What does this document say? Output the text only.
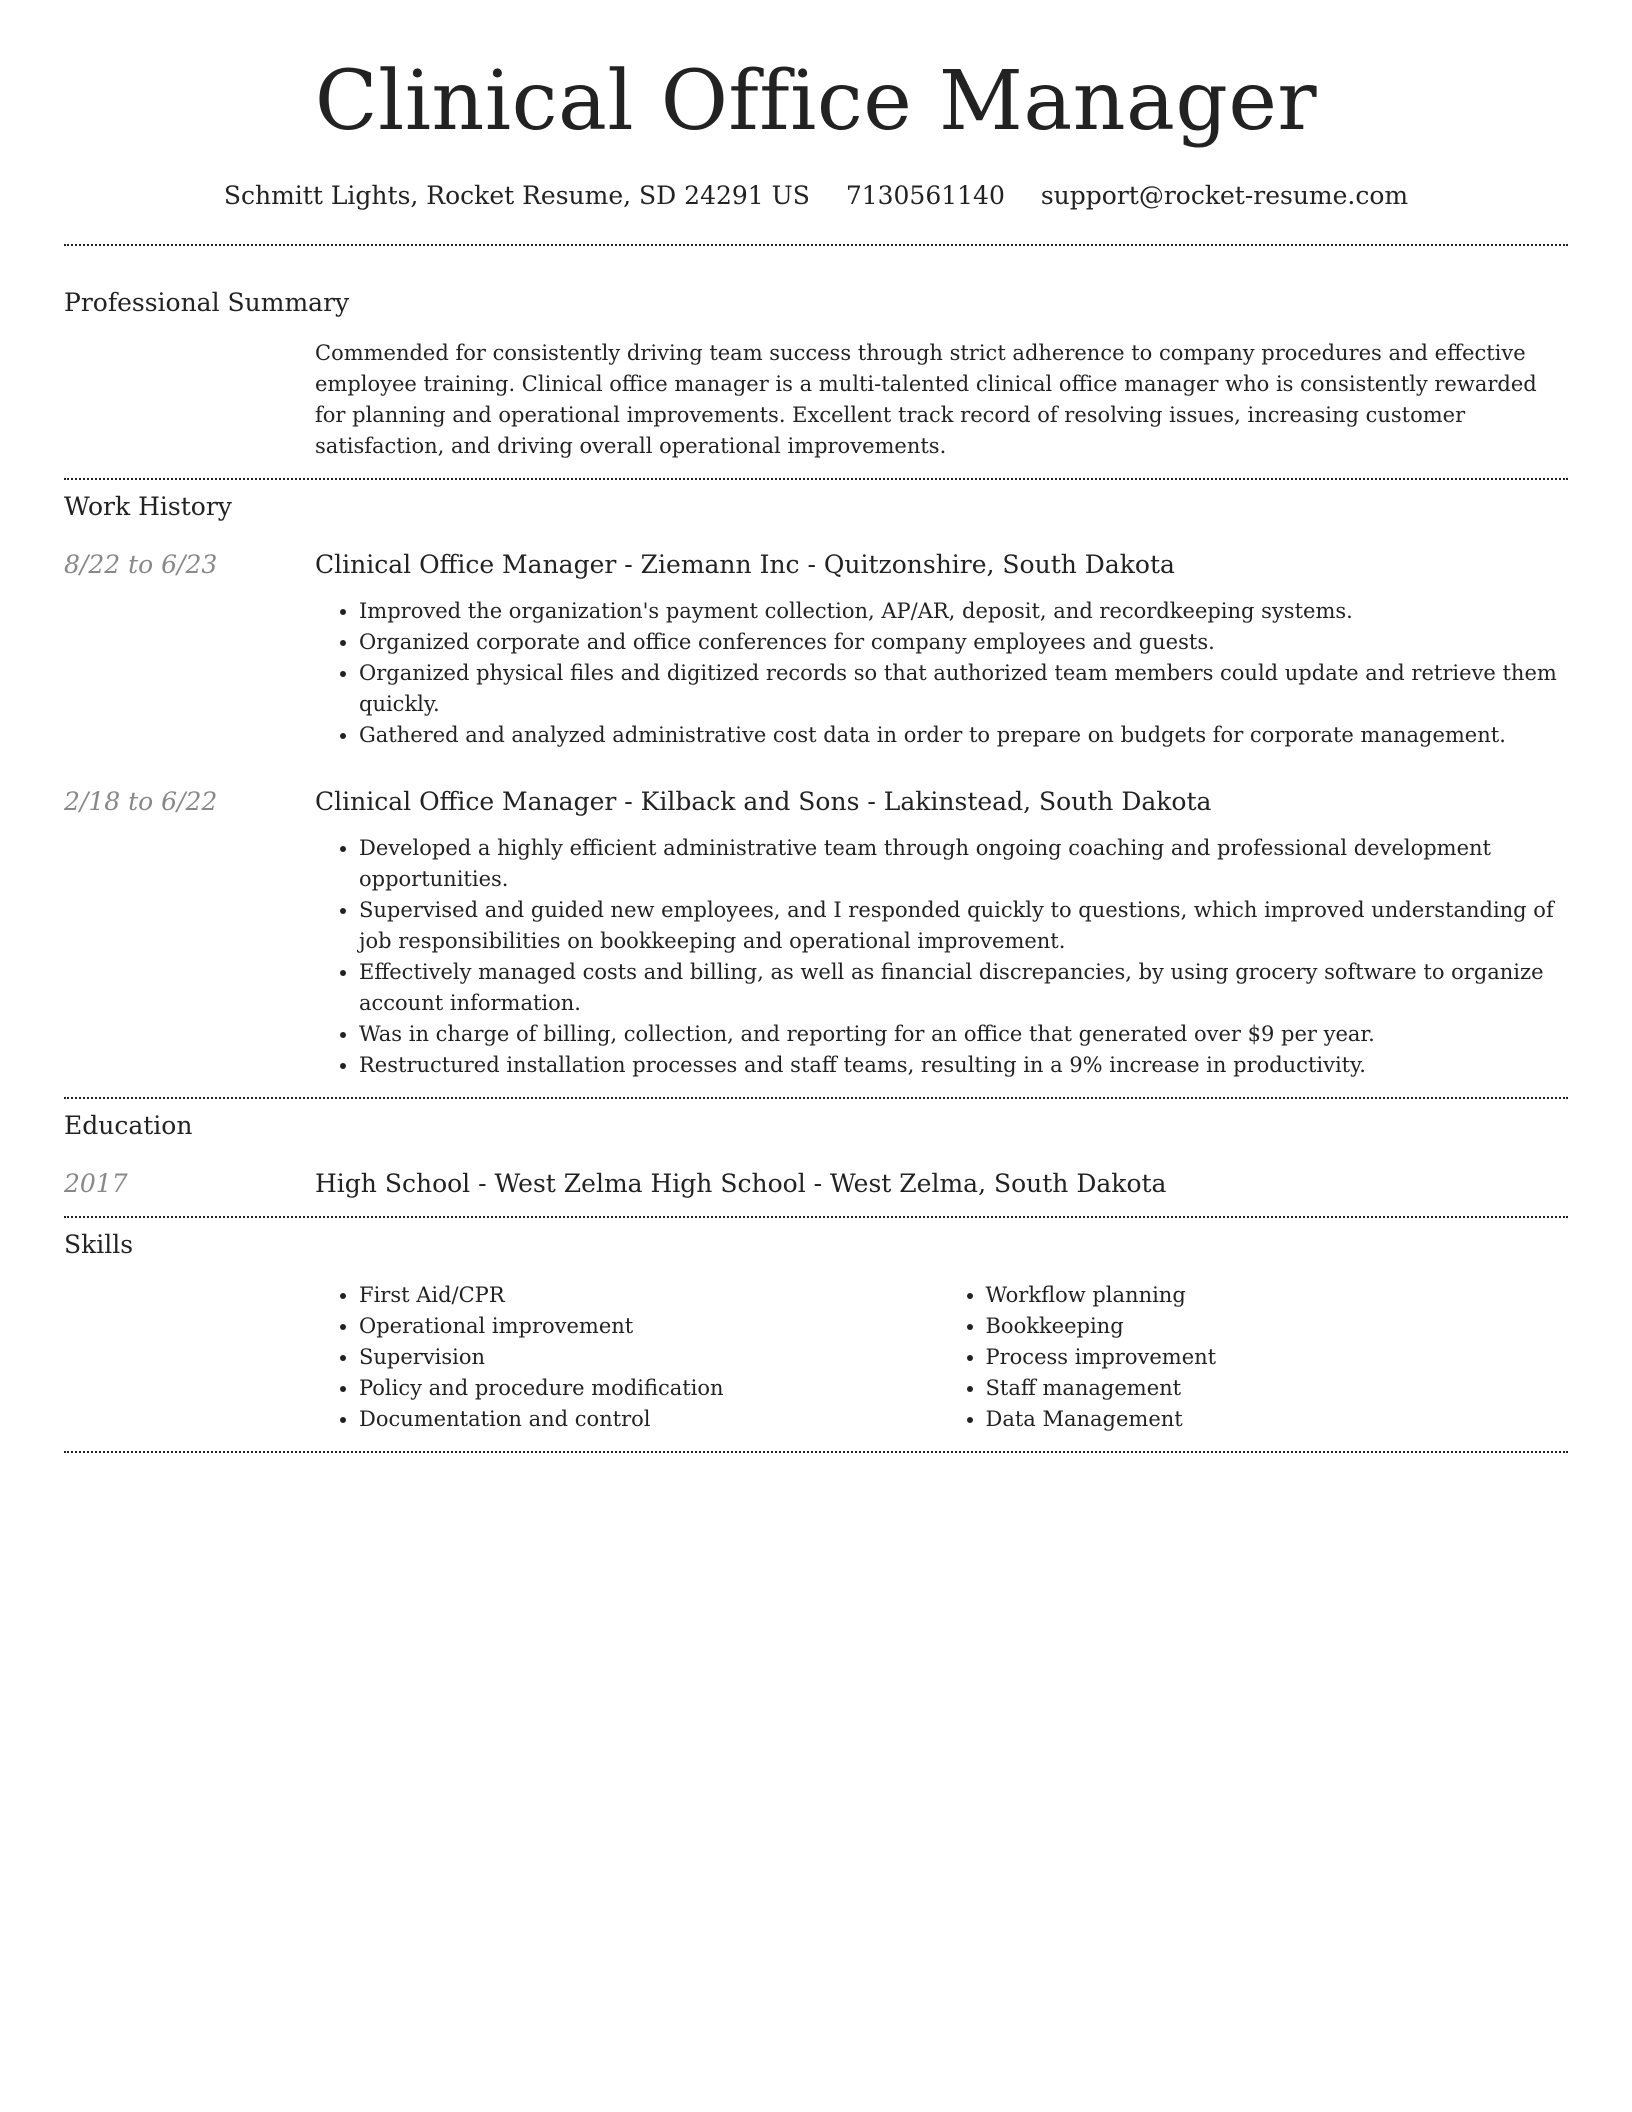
Clinical Office Manager
Schmitt Lights, Rocket Resume, SD 24291 US 7130561140 support@rocket-resume.com
Professional Summary
Commended for consistently driving team success through strict adherence to company procedures and effective employee training. Clinical office manager is a multi-talented clinical office manager who is consistently rewarded for planning and operational improvements. Excellent track record of resolving issues, increasing customer satisfaction, and driving overall operational improvements.
Work History
8/22 to 6/23	Clinical Office Manager - Ziemann Inc - Quitzonshire, South Dakota
• Improved the organization's payment collection, AP/AR, deposit, and recordkeeping systems.
• Organized corporate and office conferences for company employees and guests.
• Organized physical files and digitized records so that authorized team members could update and retrieve them quickly.
• Gathered and analyzed administrative cost data in order to prepare on budgets for corporate management.
2/18 to 6/22	Clinical Office Manager - Kilback and Sons - Lakinstead, South Dakota
• Developed a highly efficient administrative team through ongoing coaching and professional development opportunities.
• Supervised and guided new employees, and I responded quickly to questions, which improved understanding of job responsibilities on bookkeeping and operational improvement.
• Effectively managed costs and billing, as well as financial discrepancies, by using grocery software to organize account information.
• Was in charge of billing, collection, and reporting for an office that generated over $9 per year.
• Restructured installation processes and staff teams, resulting in a 9% increase in productivity.
Education
2017	High School - West Zelma High School - West Zelma, South Dakota
Skills
• First Aid/CPR
• Operational improvement
• Supervision
• Policy and procedure modification
• Documentation and control
• Workflow planning
• Bookkeeping
• Process improvement
• Staff management
• Data Management
